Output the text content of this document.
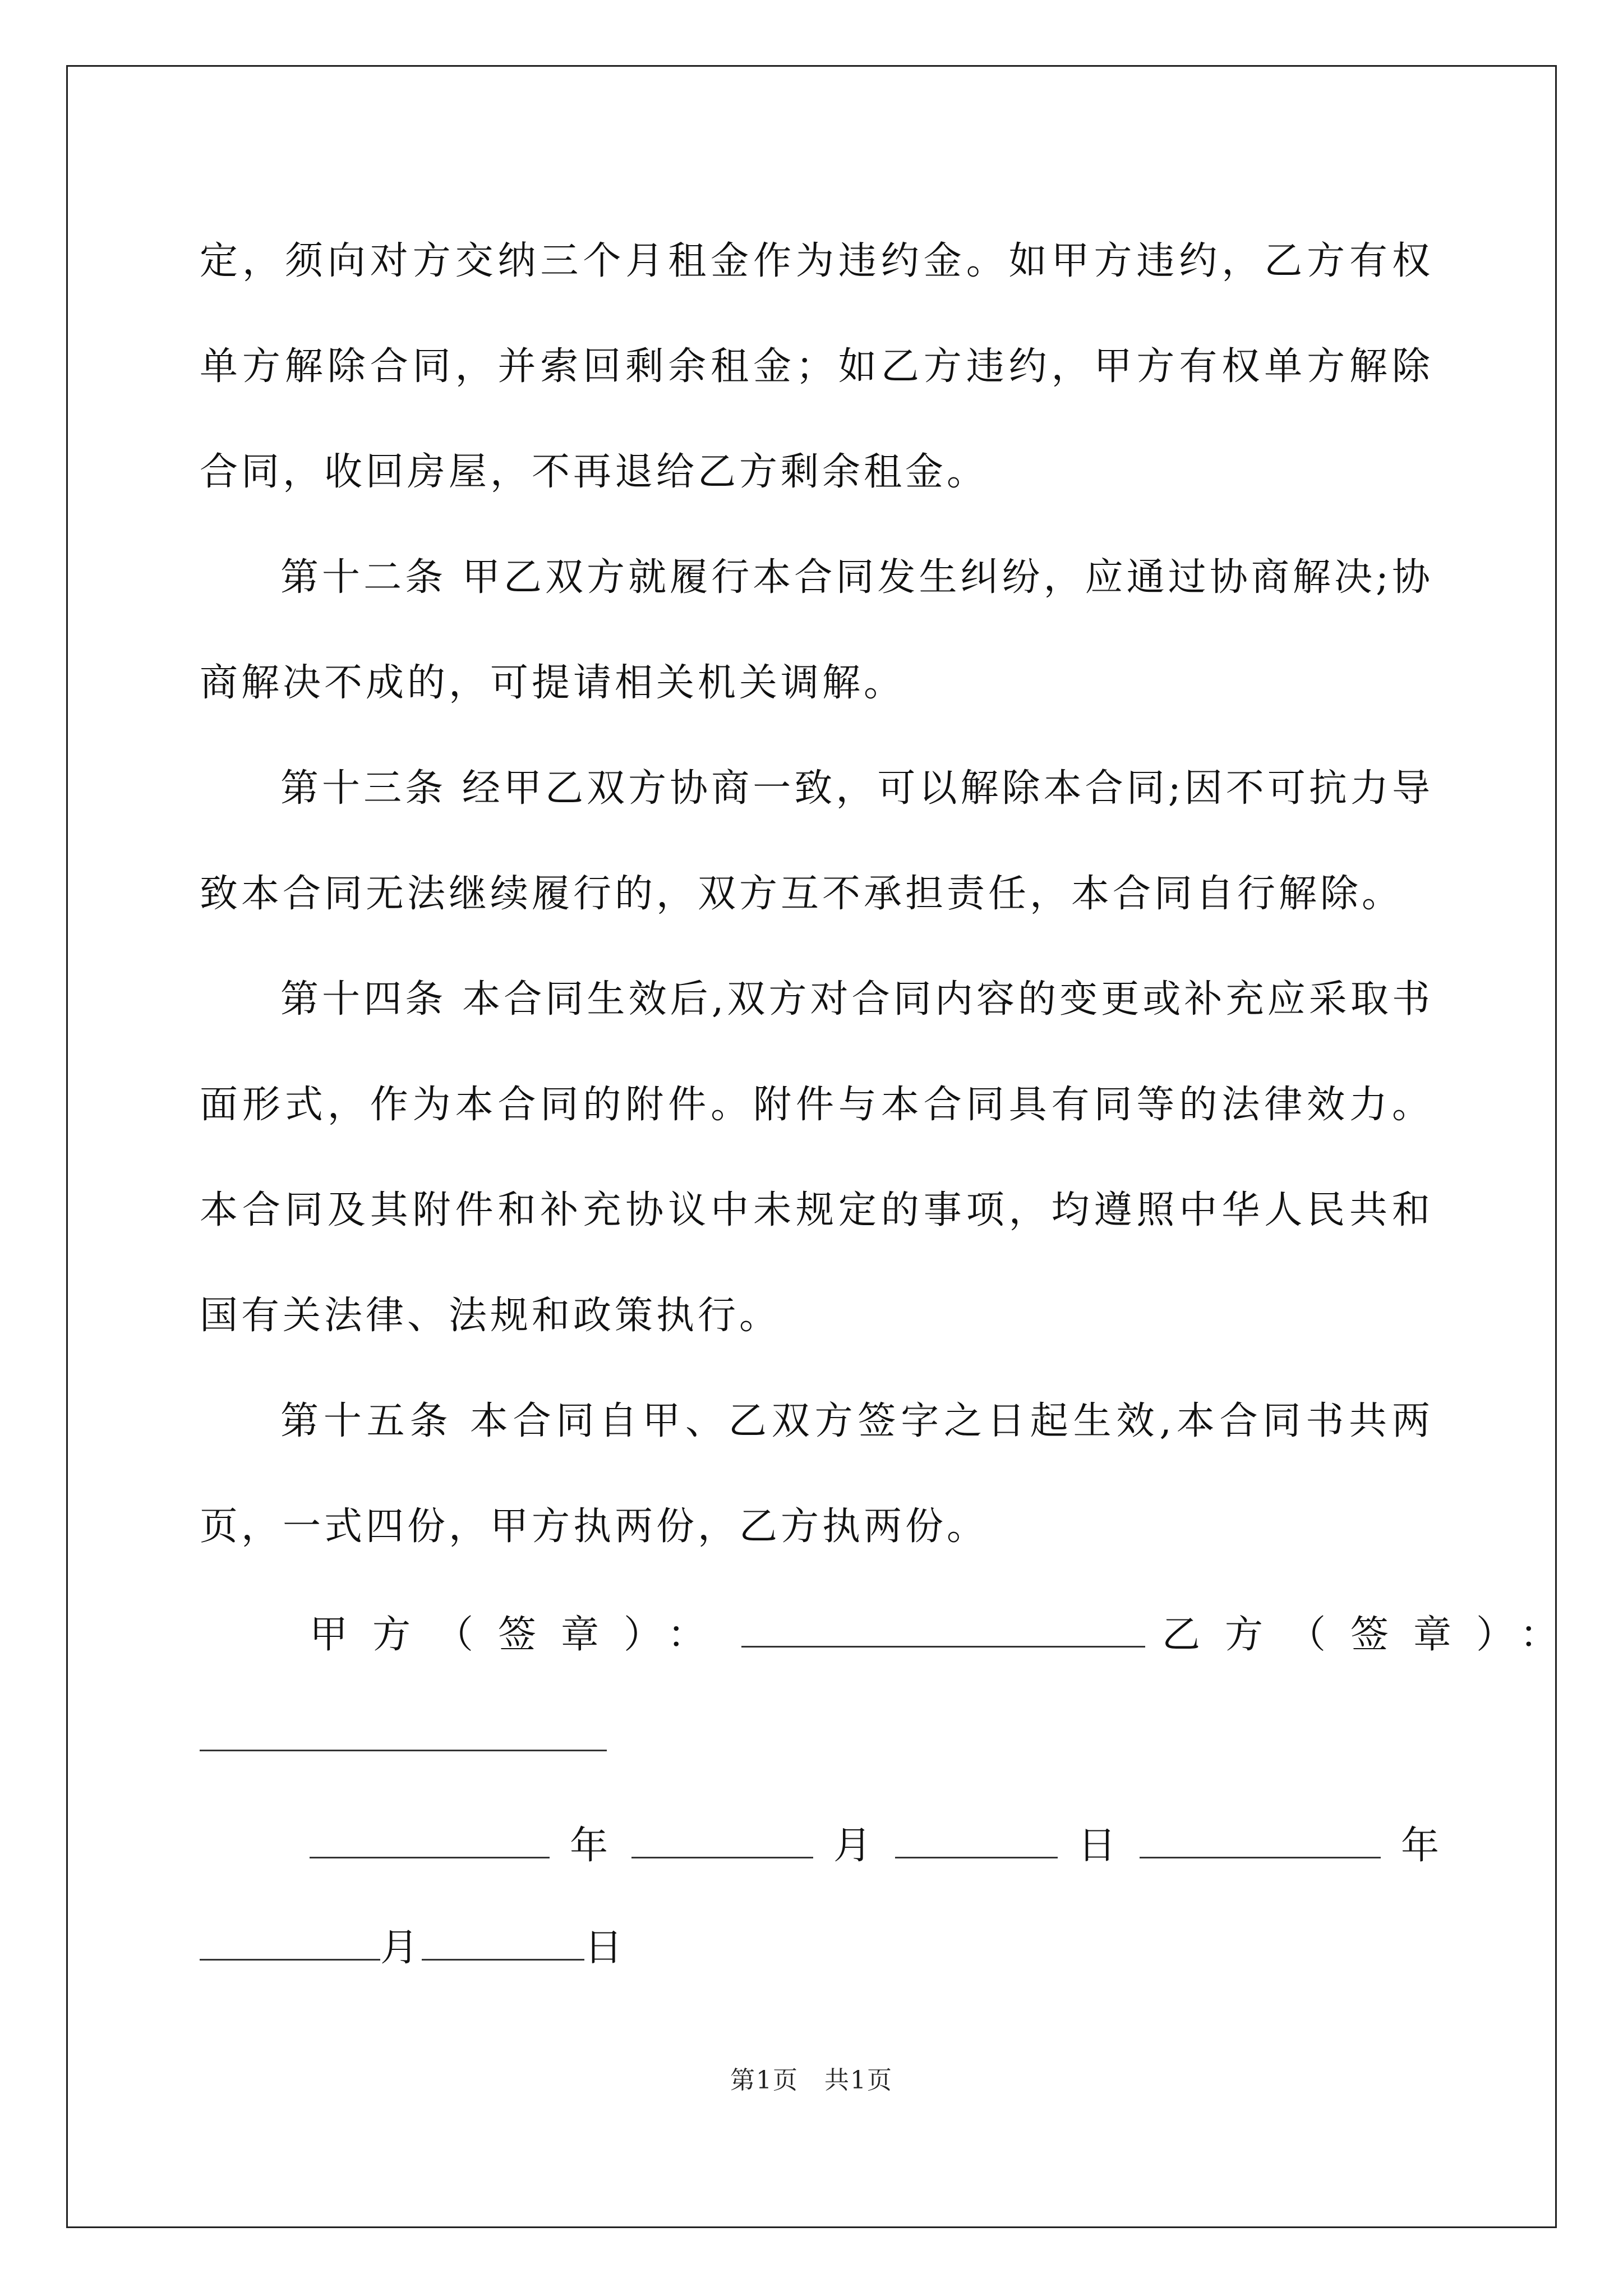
定，须向对方交纳三个月租金作为违约金。如甲方违约，乙方有权单方解除合同，并索回剩余租金；如乙方违约，甲方有权单方解除合同，收回房屋，不再退给乙方剩余租金。

第十二条 甲乙双方就履行本合同发生纠纷，应通过协商解决;协商解决不成的，可提请相关机关调解。

第十三条 经甲乙双方协商一致，可以解除本合同;因不可抗力导致本合同无法继续履行的，双方互不承担责任，本合同自行解除。

第十四条 本合同生效后,双方对合同内容的变更或补充应采取书面形式，作为本合同的附件。附件与本合同具有同等的法律效力。本合同及其附件和补充协议中未规定的事项，均遵照中华人民共和国有关法律、法规和政策执行。

第十五条 本合同自甲、乙双方签字之日起生效,本合同书共两页，一式四份，甲方执两份，乙方执两份。

甲方（签章）：	乙方（签章）：
年	月	日	年
月	日
第1页　共1页
